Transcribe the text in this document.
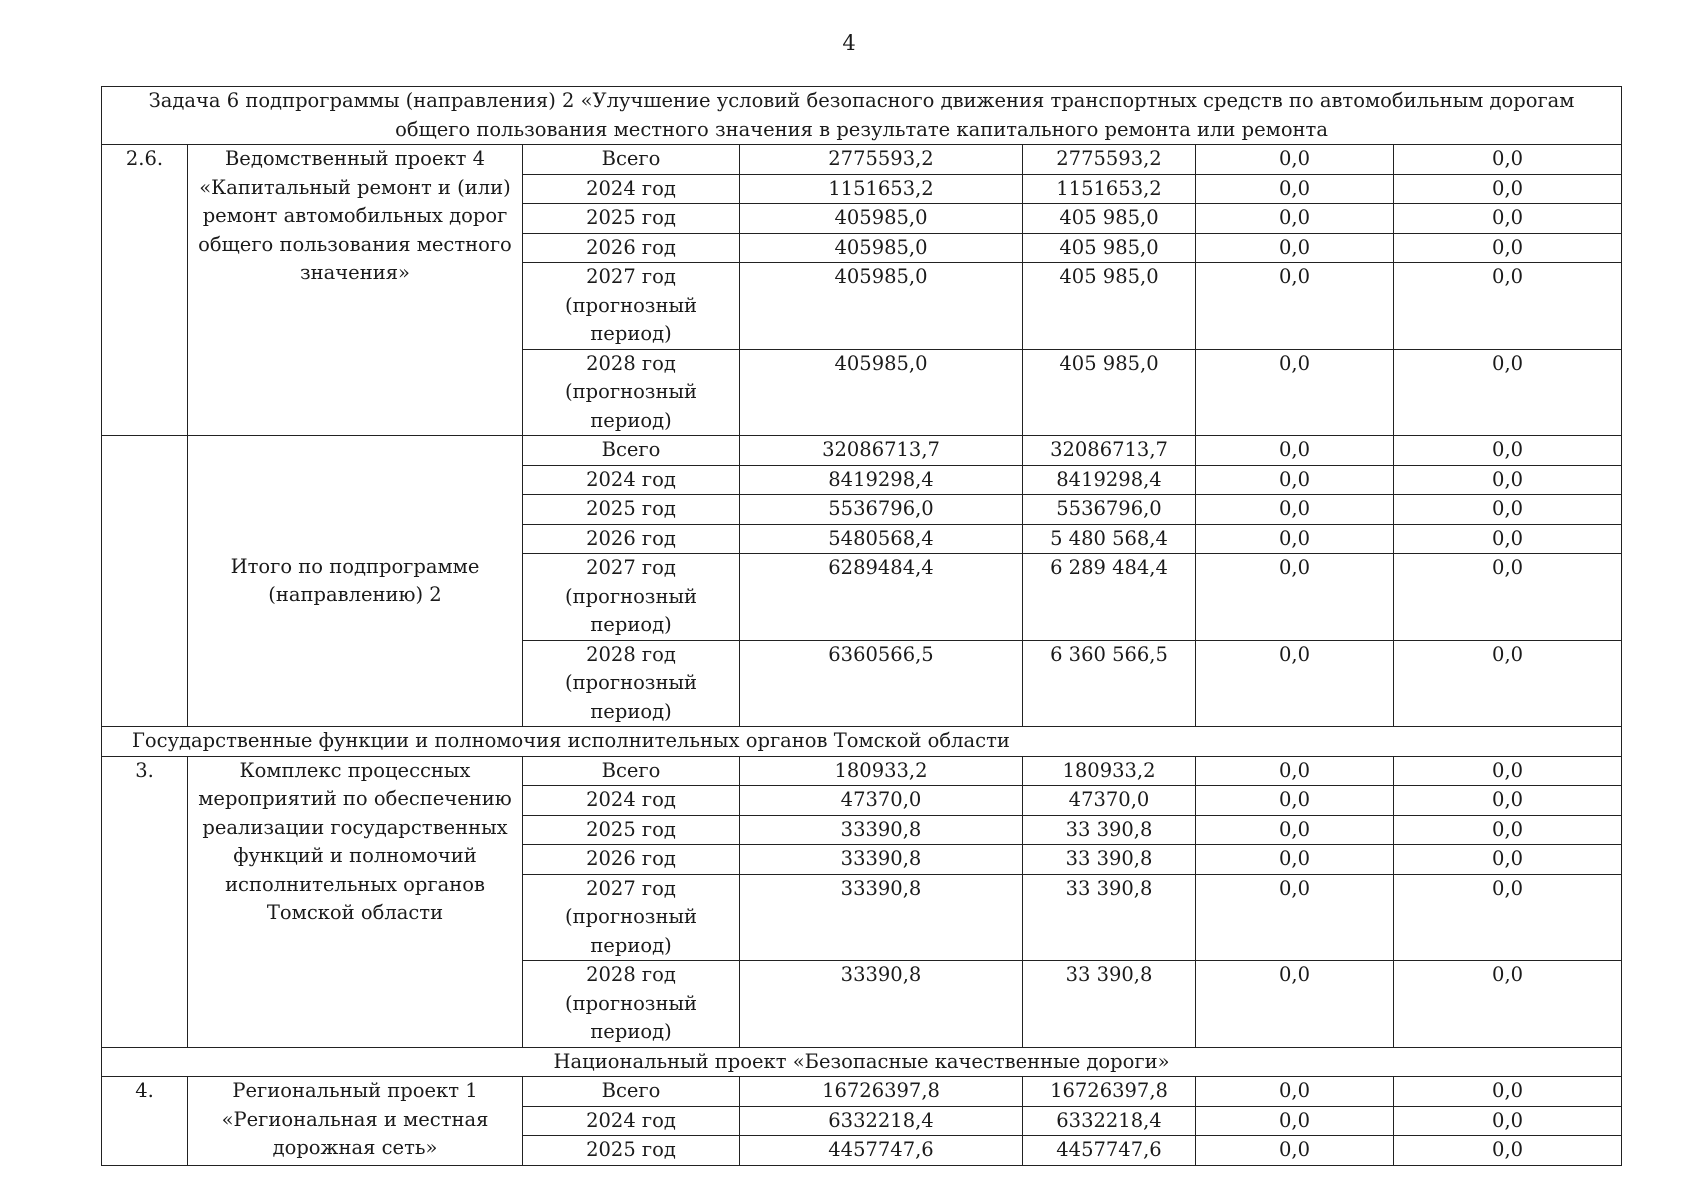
4
Задача 6 подпрограммы (направления) 2 «Улучшение условий безопасного движения транспортных средств по автомобильным дорогам общего пользования местного значения в результате капитального ремонта или ремонта						
2.6.	Ведомственный проект 4 «Капитальный ремонт и (или) ремонт автомобильных дорог общего пользования местного значения»	Всего	2775593,2	2775593,2	0,0	0,0
		2024 год	1151653,2	1151653,2	0,0	0,0
		2025 год	405985,0	405 985,0	0,0	0,0
		2026 год	405985,0	405 985,0	0,0	0,0
		2027 год (прогнозный период)	405985,0	405 985,0	0,0	0,0
		2028 год (прогнозный период)	405985,0	405 985,0	0,0	0,0
	Итого по подпрограмме (направлению) 2	Всего	32086713,7	32086713,7	0,0	0,0
		2024 год	8419298,4	8419298,4	0,0	0,0
		2025 год	5536796,0	5536796,0	0,0	0,0
		2026 год	5480568,4	5 480 568,4	0,0	0,0
		2027 год (прогнозный период)	6289484,4	6 289 484,4	0,0	0,0
		2028 год (прогнозный период)	6360566,5	6 360 566,5	0,0	0,0
Государственные функции и полномочия исполнительных органов Томской области						
3.	Комплекс процессных мероприятий по обеспечению реализации государственных функций и полномочий исполнительных органов Томской области	Всего	180933,2	180933,2	0,0	0,0
		2024 год	47370,0	47370,0	0,0	0,0
		2025 год	33390,8	33 390,8	0,0	0,0
		2026 год	33390,8	33 390,8	0,0	0,0
		2027 год (прогнозный период)	33390,8	33 390,8	0,0	0,0
		2028 год (прогнозный период)	33390,8	33 390,8	0,0	0,0
Национальный проект «Безопасные качественные дороги»						
4.	Региональный проект 1 «Региональная и местная дорожная сеть»	Всего	16726397,8	16726397,8	0,0	0,0
		2024 год	6332218,4	6332218,4	0,0	0,0
		2025 год	4457747,6	4457747,6	0,0	0,0
